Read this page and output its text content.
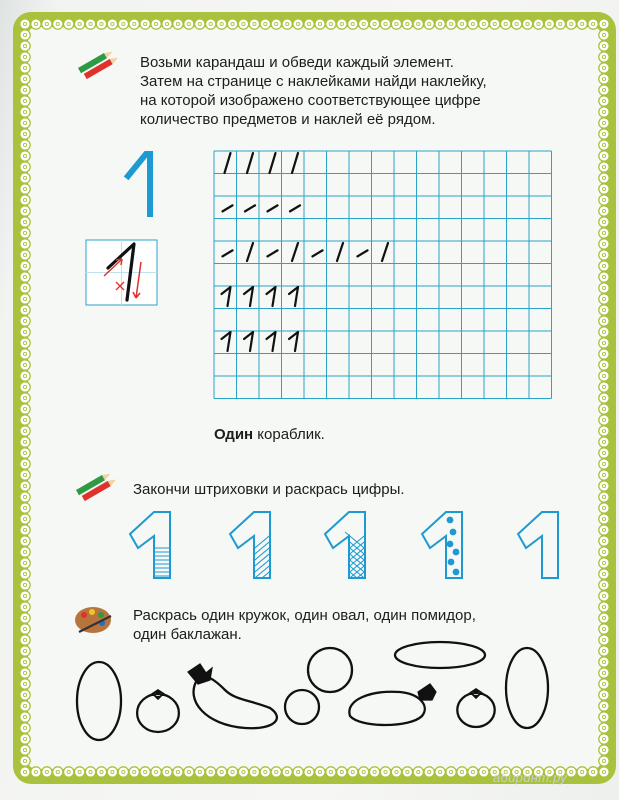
Возьми карандаш и обведи каждый элемент.
Затем на странице с наклейками найди наклейку,
на которой изображено соответствующее цифре
количество предметов и наклей её рядом.
Один кораблик.
Закончи штриховки и раскрась цифры.
Раскрась один кружок, один овал, один помидор,
один баклажан.
абиринт.ру
